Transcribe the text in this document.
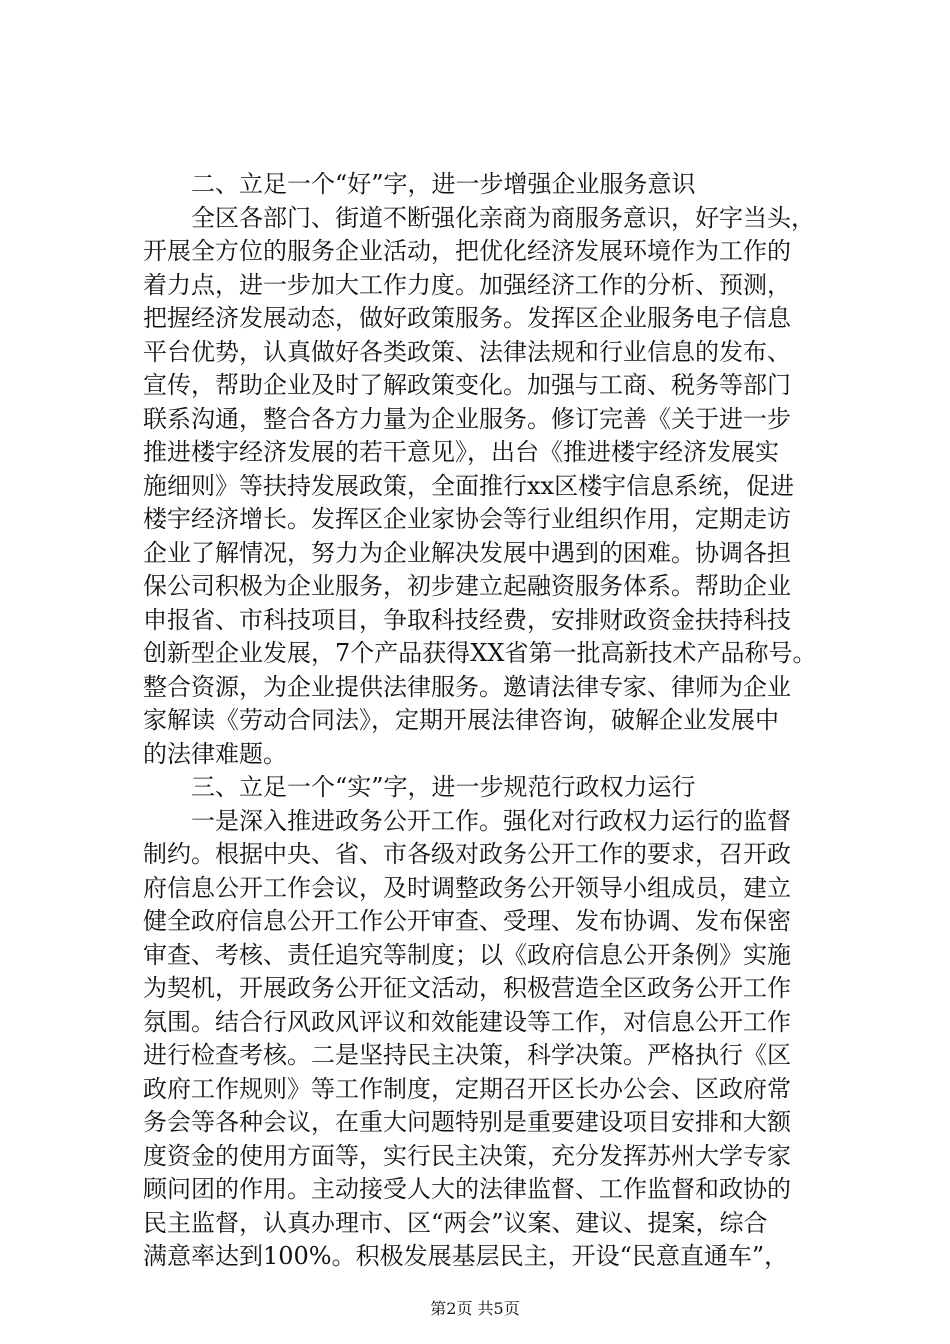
二、立足一个“好”字，进一步增强企业服务意识
全区各部门、街道不断强化亲商为商服务意识，好字当头，
开展全方位的服务企业活动，把优化经济发展环境作为工作的
着力点，进一步加大工作力度。加强经济工作的分析、预测，
把握经济发展动态，做好政策服务。发挥区企业服务电子信息
平台优势，认真做好各类政策、法律法规和行业信息的发布、
宣传，帮助企业及时了解政策变化。加强与工商、税务等部门
联系沟通，整合各方力量为企业服务。修订完善《关于进一步
推进楼宇经济发展的若干意见》，出台《推进楼宇经济发展实
施细则》等扶持发展政策，全面推行xx区楼宇信息系统，促进
楼宇经济增长。发挥区企业家协会等行业组织作用，定期走访
企业了解情况，努力为企业解决发展中遇到的困难。协调各担
保公司积极为企业服务，初步建立起融资服务体系。帮助企业
申报省、市科技项目，争取科技经费，安排财政资金扶持科技
创新型企业发展，7个产品获得XX省第一批高新技术产品称号。
整合资源，为企业提供法律服务。邀请法律专家、律师为企业
家解读《劳动合同法》，定期开展法律咨询，破解企业发展中
的法律难题。
三、立足一个“实”字，进一步规范行政权力运行
一是深入推进政务公开工作。强化对行政权力运行的监督
制约。根据中央、省、市各级对政务公开工作的要求，召开政
府信息公开工作会议，及时调整政务公开领导小组成员，建立
健全政府信息公开工作公开审查、受理、发布协调、发布保密
审查、考核、责任追究等制度；以《政府信息公开条例》实施
为契机，开展政务公开征文活动，积极营造全区政务公开工作
氛围。结合行风政风评议和效能建设等工作，对信息公开工作
进行检查考核。二是坚持民主决策，科学决策。严格执行《区
政府工作规则》等工作制度，定期召开区长办公会、区政府常
务会等各种会议，在重大问题特别是重要建设项目安排和大额
度资金的使用方面等，实行民主决策，充分发挥苏州大学专家
顾问团的作用。主动接受人大的法律监督、工作监督和政协的
民主监督，认真办理市、区“两会”议案、建议、提案，综合
满意率达到100%。积极发展基层民主，开设“民意直通车”，
第2页 共5页
